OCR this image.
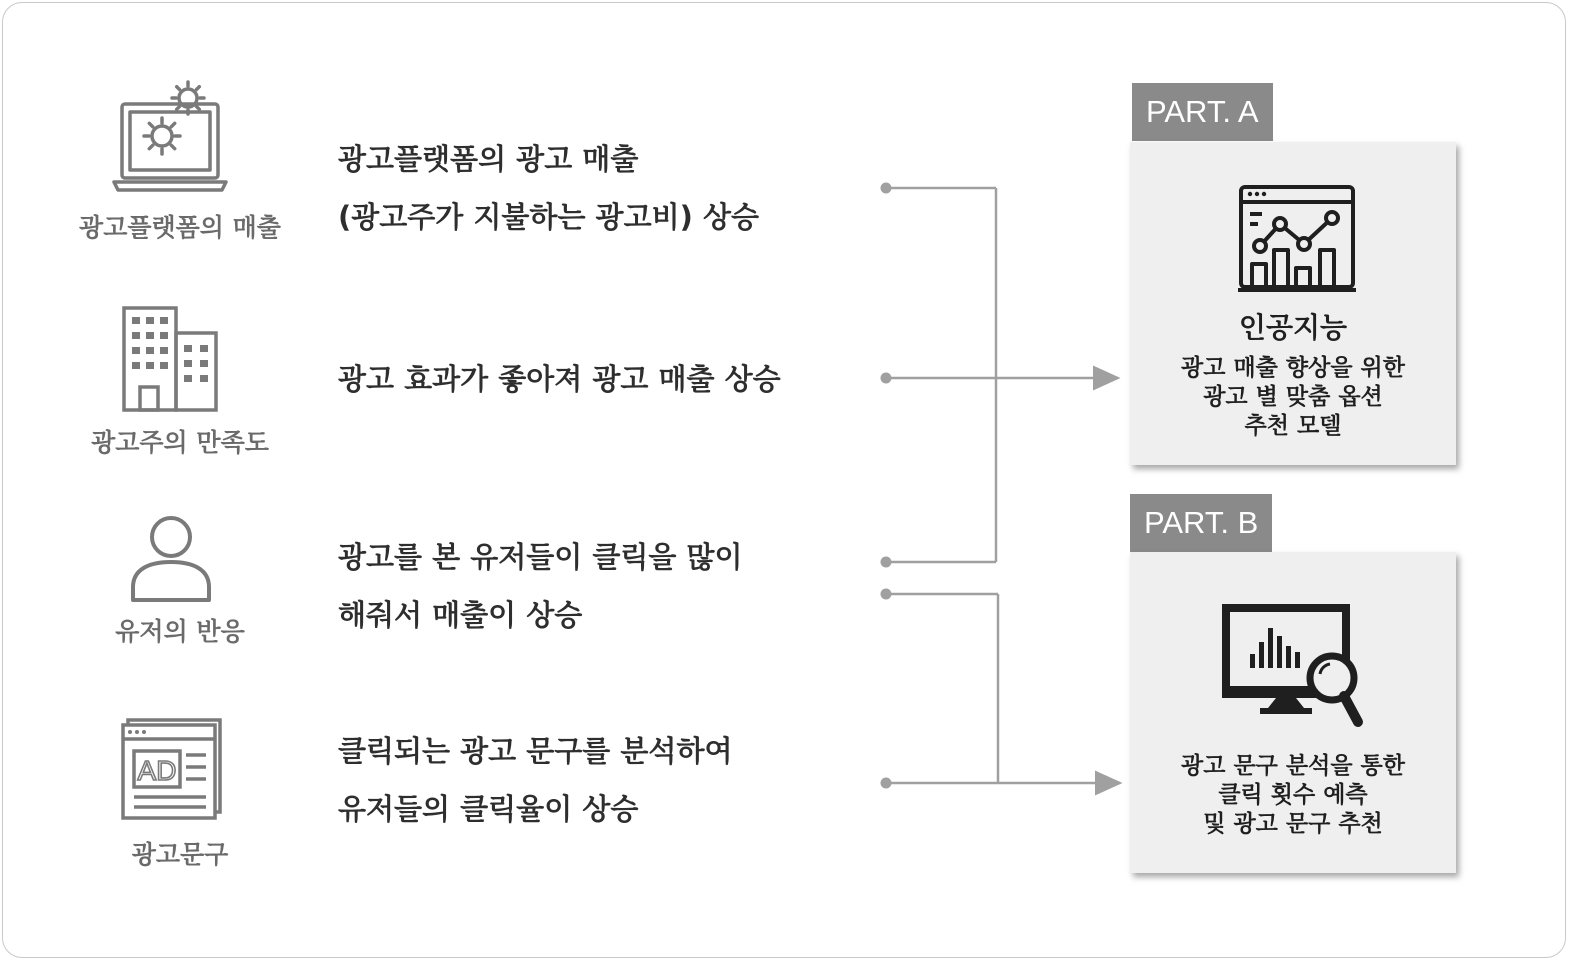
광고플랫폼의 매출
광고주의 만족도
유저의 반응
AD
광고문구
광고플랫폼의 광고 매출
(광고주가 지불하는 광고비) 상승
광고 효과가 좋아져 광고 매출 상승
광고를 본 유저들이 클릭을 많이
해줘서 매출이 상승
클릭되는 광고 문구를 분석하여
유저들의 클릭율이 상승
PART. A
인공지능
광고 매출 향상을 위한
광고 별 맞춤 옵션
추천 모델
PART. B
광고 문구 분석을 통한
클릭 횟수 예측
및 광고 문구 추천
